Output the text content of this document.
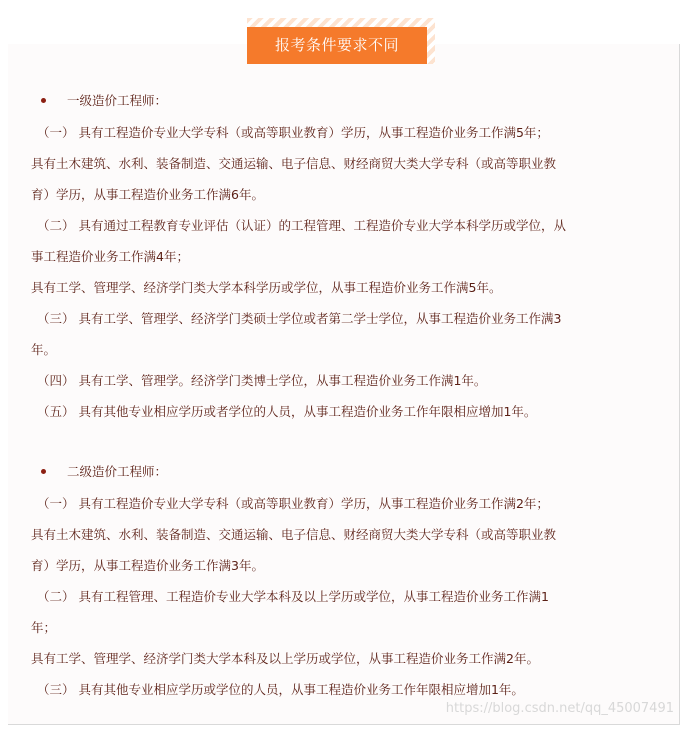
报考条件要求不同
一级造价工程师：
（一） 具有工程造价专业大学专科（或高等职业教育）学历，从事工程造价业务工作满5年；
具有土木建筑、水利、装备制造、交通运输、电子信息、财经商贸大类大学专科（或高等职业教
育）学历，从事工程造价业务工作满6年。
（二） 具有通过工程教育专业评估（认证）的工程管理、工程造价专业大学本科学历或学位，从
事工程造价业务工作满4年；
具有工学、管理学、经济学门类大学本科学历或学位，从事工程造价业务工作满5年。
（三） 具有工学、管理学、经济学门类硕士学位或者第二学士学位，从事工程造价业务工作满3
年。
（四） 具有工学、管理学。经济学门类博士学位，从事工程造价业务工作满1年。
（五） 具有其他专业相应学历或者学位的人员，从事工程造价业务工作年限相应增加1年。
二级造价工程师：
（一） 具有工程造价专业大学专科（或高等职业教育）学历，从事工程造价业务工作满2年；
具有土木建筑、水利、装备制造、交通运输、电子信息、财经商贸大类大学专科（或高等职业教
育）学历，从事工程造价业务工作满3年。
（二） 具有工程管理、工程造价专业大学本科及以上学历或学位，从事工程造价业务工作满1
年；
具有工学、管理学、经济学门类大学本科及以上学历或学位，从事工程造价业务工作满2年。
（三） 具有其他专业相应学历或学位的人员，从事工程造价业务工作年限相应增加1年。
https://blog.csdn.net/qq_45007491
